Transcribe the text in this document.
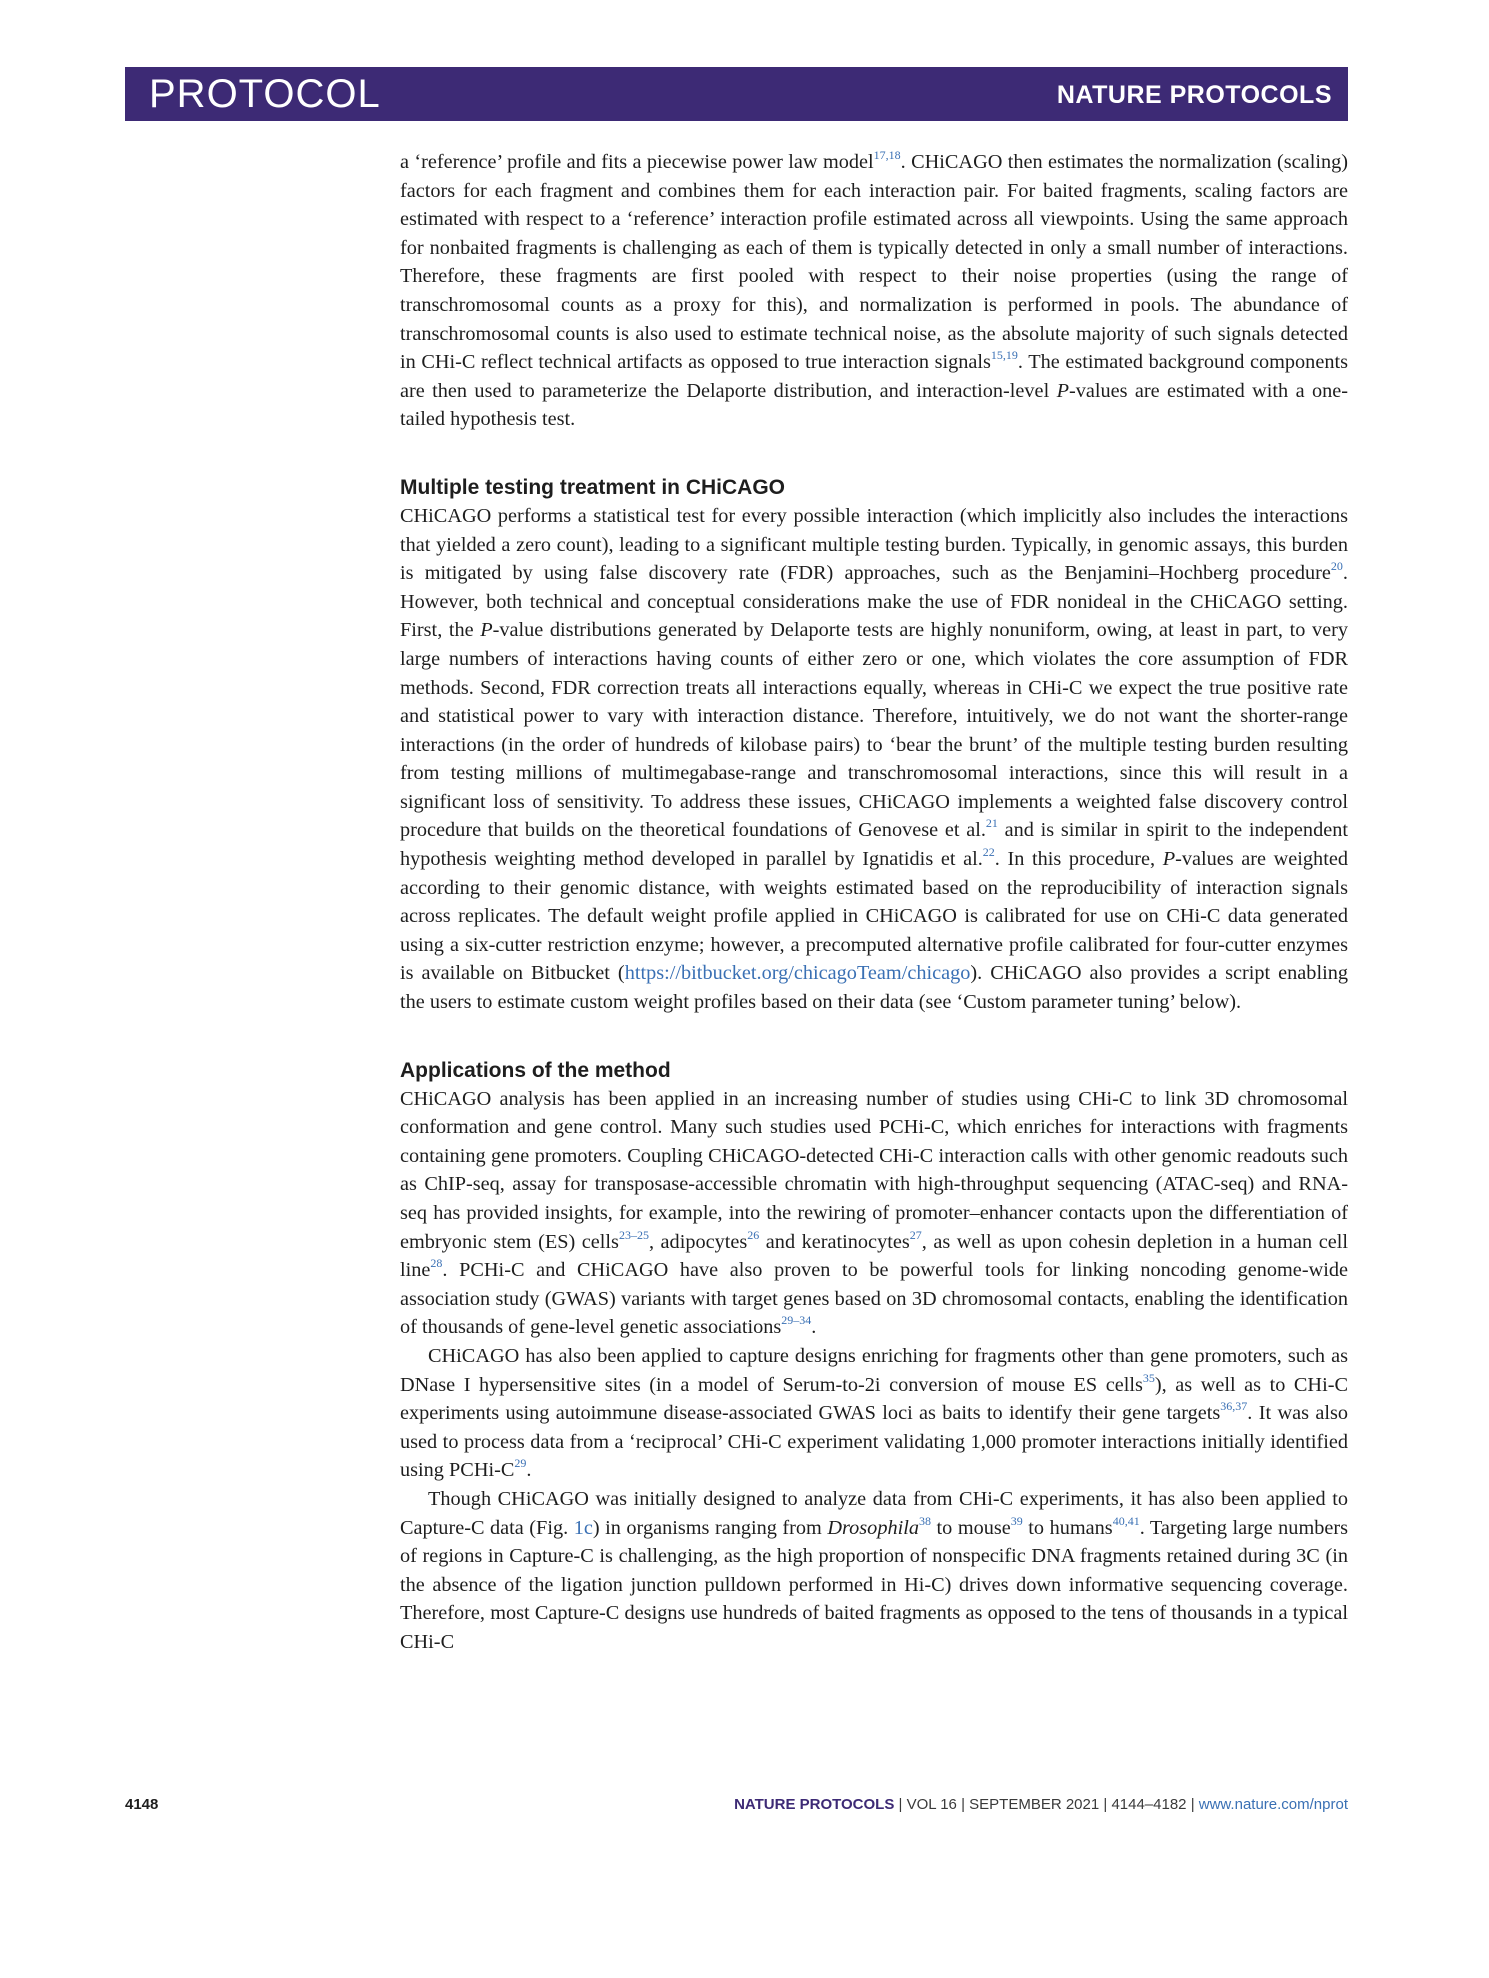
PROTOCOL	NATURE PROTOCOLS

a ‘reference’ profile and fits a piecewise power law model$^{17,18}$. CHiCAGO then estimates the normalization (scaling) factors for each fragment and combines them for each interaction pair. For baited fragments, scaling factors are estimated with respect to a ‘reference’ interaction profile estimated across all viewpoints. Using the same approach for nonbaited fragments is challenging as each of them is typically detected in only a small number of interactions. Therefore, these fragments are first pooled with respect to their noise properties (using the range of transchromosomal counts as a proxy for this), and normalization is performed in pools. The abundance of transchromosomal counts is also used to estimate technical noise, as the absolute majority of such signals detected in CHi-C reflect technical artifacts as opposed to true interaction signals$^{15,19}$. The estimated background components are then used to parameterize the Delaporte distribution, and interaction-level P-values are estimated with a one-tailed hypothesis test.

Multiple testing treatment in CHiCAGO

CHiCAGO performs a statistical test for every possible interaction (which implicitly also includes the interactions that yielded a zero count), leading to a significant multiple testing burden. Typically, in genomic assays, this burden is mitigated by using false discovery rate (FDR) approaches, such as the Benjamini–Hochberg procedure$^{20}$. However, both technical and conceptual considerations make the use of FDR nonideal in the CHiCAGO setting. First, the P-value distributions generated by Delaporte tests are highly nonuniform, owing, at least in part, to very large numbers of interactions having counts of either zero or one, which violates the core assumption of FDR methods. Second, FDR correction treats all interactions equally, whereas in CHi-C we expect the true positive rate and statistical power to vary with interaction distance. Therefore, intuitively, we do not want the shorter-range interactions (in the order of hundreds of kilobase pairs) to ‘bear the brunt’ of the multiple testing burden resulting from testing millions of multimegabase-range and transchromosomal interactions, since this will result in a significant loss of sensitivity. To address these issues, CHiCAGO implements a weighted false discovery control procedure that builds on the theoretical foundations of Genovese et al.$^{21}$ and is similar in spirit to the independent hypothesis weighting method developed in parallel by Ignatidis et al.$^{22}$. In this procedure, P-values are weighted according to their genomic distance, with weights estimated based on the reproducibility of interaction signals across replicates. The default weight profile applied in CHiCAGO is calibrated for use on CHi-C data generated using a six-cutter restriction enzyme; however, a precomputed alternative profile calibrated for four-cutter enzymes is available on Bitbucket (https://bitbucket.org/chicagoTeam/chicago). CHiCAGO also provides a script enabling the users to estimate custom weight profiles based on their data (see ‘Custom parameter tuning’ below).

Applications of the method

CHiCAGO analysis has been applied in an increasing number of studies using CHi-C to link 3D chromosomal conformation and gene control. Many such studies used PCHi-C, which enriches for interactions with fragments containing gene promoters. Coupling CHiCAGO-detected CHi-C interaction calls with other genomic readouts such as ChIP-seq, assay for transposase-accessible chromatin with high-throughput sequencing (ATAC-seq) and RNA-seq has provided insights, for example, into the rewiring of promoter–enhancer contacts upon the differentiation of embryonic stem (ES) cells$^{23-25}$, adipocytes$^{26}$ and keratinocytes$^{27}$, as well as upon cohesin depletion in a human cell line$^{28}$. PCHi-C and CHiCAGO have also proven to be powerful tools for linking noncoding genome-wide association study (GWAS) variants with target genes based on 3D chromosomal contacts, enabling the identification of thousands of gene-level genetic associations$^{29-34}$.

CHiCAGO has also been applied to capture designs enriching for fragments other than gene promoters, such as DNase I hypersensitive sites (in a model of Serum-to-2i conversion of mouse ES cells$^{35}$), as well as to CHi-C experiments using autoimmune disease-associated GWAS loci as baits to identify their gene targets$^{36,37}$. It was also used to process data from a ‘reciprocal’ CHi-C experiment validating 1,000 promoter interactions initially identified using PCHi-$C^{29}$.

Though CHiCAGO was initially designed to analyze data from CHi-C experiments, it has also been applied to Capture-C data (Fig. 1c) in organisms ranging from Drosophila$^{38}$ to mouse$^{39}$ to humans$^{40,41}$. Targeting large numbers of regions in Capture-C is challenging, as the high proportion of nonspecific DNA fragments retained during 3C (in the absence of the ligation junction pulldown performed in Hi-C) drives down informative sequencing coverage. Therefore, most Capture-C designs use hundreds of baited fragments as opposed to the tens of thousands in a typical CHi-C

4148	NATURE PROTOCOLS | VOL 16 | SEPTEMBER 2021 | 4144–4182 | www.nature.com/nprot
